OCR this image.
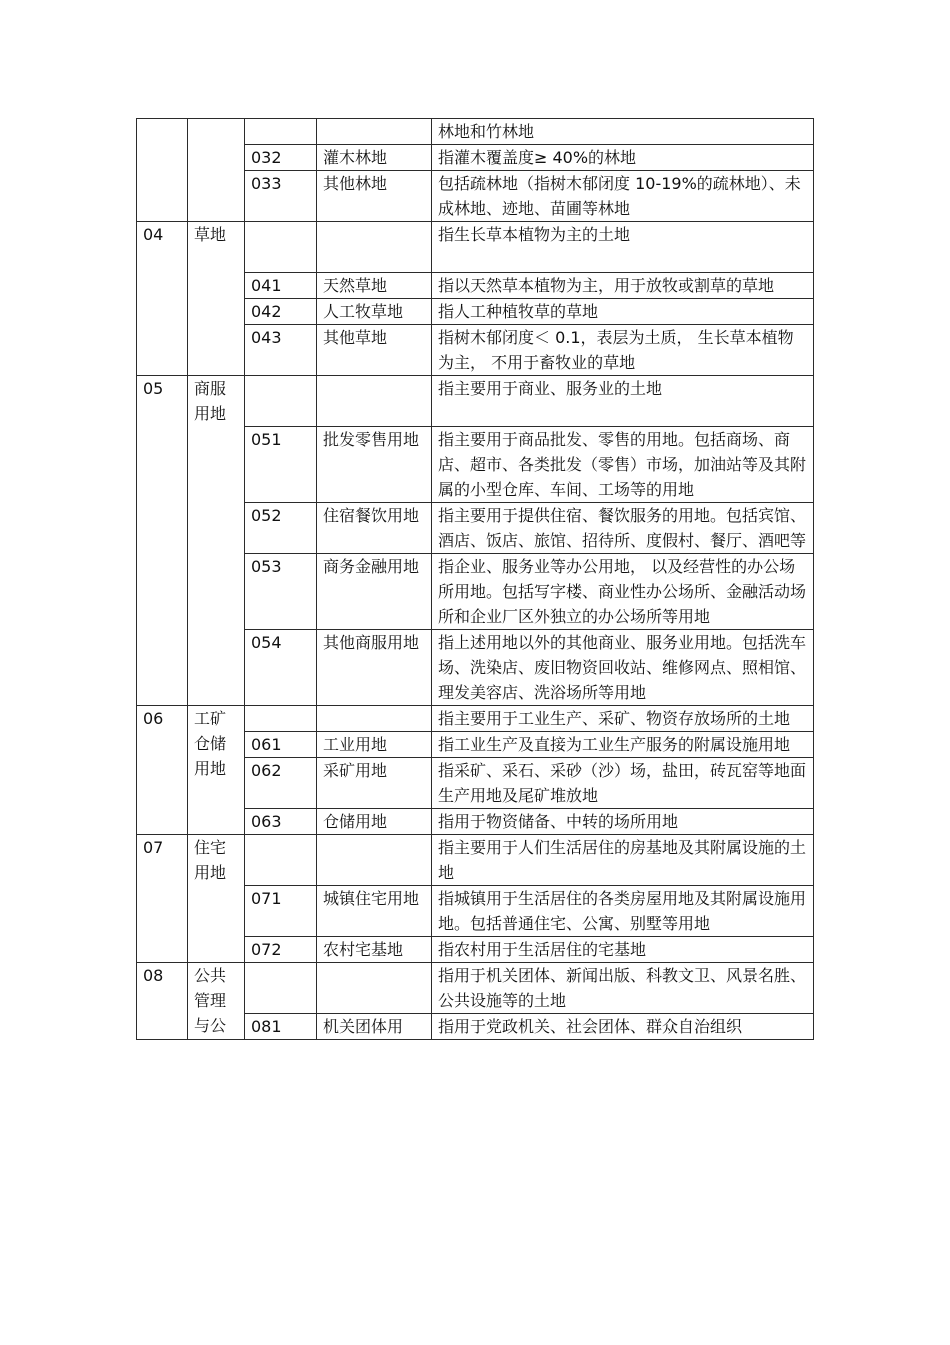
				林地和竹林地
		032	灌木林地	指灌木覆盖度≥ 40%的林地
		033	其他林地	包括疏林地（指树木郁闭度 10-19%的疏林地）、未成林地、迹地、苗圃等林地
04	草地			指生长草本植物为主的土地

		041	天然草地	指以天然草本植物为主，用于放牧或割草的草地
		042	人工牧草地	指人工种植牧草的草地
		043	其他草地	指树木郁闭度＜ 0.1，表层为土质， 生长草本植物为主， 不用于畜牧业的草地
05	商服用地			指主要用于商业、服务业的土地

		051	批发零售用地	指主要用于商品批发、零售的用地。包括商场、商店、超市、各类批发（零售）市场，加油站等及其附属的小型仓库、车间、工场等的用地
		052	住宿餐饮用地	指主要用于提供住宿、餐饮服务的用地。包括宾馆、酒店、饭店、旅馆、招待所、度假村、餐厅、酒吧等
		053	商务金融用地	指企业、服务业等办公用地， 以及经营性的办公场所用地。包括写字楼、商业性办公场所、金融活动场所和企业厂区外独立的办公场所等用地
		054	其他商服用地	指上述用地以外的其他商业、服务业用地。包括洗车场、洗染店、废旧物资回收站、维修网点、照相馆、理发美容店、洗浴场所等用地
06	工矿仓储用地			指主要用于工业生产、采矿、物资存放场所的土地
		061	工业用地	指工业生产及直接为工业生产服务的附属设施用地
		062	采矿用地	指采矿、采石、采砂（沙）场，盐田，砖瓦窑等地面生产用地及尾矿堆放地
		063	仓储用地	指用于物资储备、中转的场所用地
07	住宅用地			指主要用于人们生活居住的房基地及其附属设施的土地
		071	城镇住宅用地	指城镇用于生活居住的各类房屋用地及其附属设施用地。包括普通住宅、公寓、别墅等用地
		072	农村宅基地	指农村用于生活居住的宅基地
08	公共管理与公			指用于机关团体、新闻出版、科教文卫、风景名胜、公共设施等的土地
		081	机关团体用	指用于党政机关、社会团体、群众自治组织
